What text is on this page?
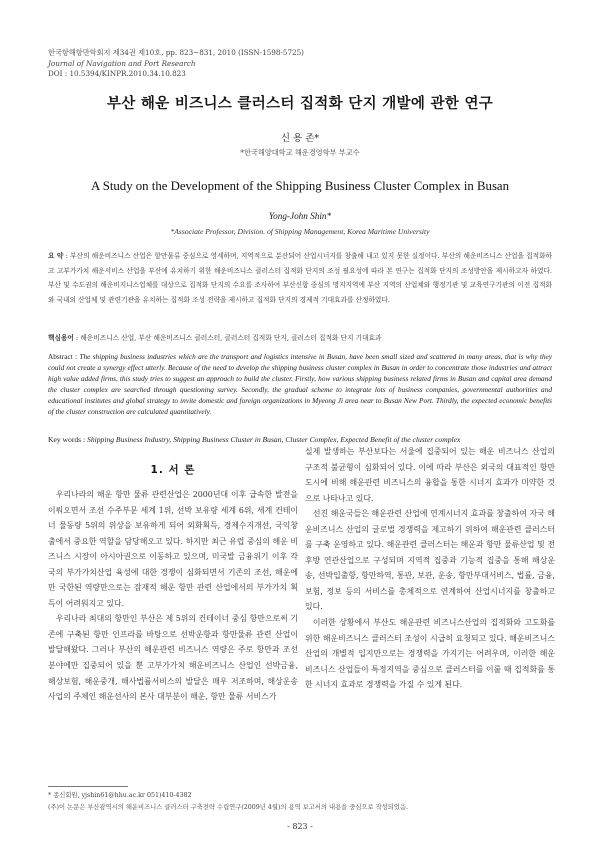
한국항해항만학회지 제34권 제10호, pp. 823~831, 2010 (ISSN-1598-5725)
Journal of Navigation and Port Research
DOI : 10.5394/KINPR.2010.34.10.823
부산 해운 비즈니스 클러스터 집적화 단지 개발에 관한 연구
신 용 존*
*한국해양대학교 해운경영학부 부교수
A Study on the Development of the Shipping Business Cluster Complex in Busan
Yong-John Shin*
*Associate Professor, Division. of Shipping Management, Korea Maritime University
요 약 : 부산의 해운비즈니스 산업은 항만물류 중심으로 영세하며, 지역적으로 분산되어 산업시너지를 창출해 내고 있지 못한 실정이다. 부산의 해운비즈니스 산업을 집적화하고 고부가가치 해운서비스 산업을 부산에 유치하기 위한 해운비즈니스 클러스터 집적화 단지의 조성 필요성에 따라 본 연구는 집적화 단지의 조성방안을 제시하고자 하였다. 부산 및 수도권의 해운비지니스업체를 대상으로 집적화 단지의 수요를 조사하여 부산신항 중심의 명지지역에 부산 지역의 산업체와 행정기관 및 교육연구기관의 이전 집적화와 국내외 산업체 및 관련기관을 유치하는 집적화 조성 전략을 제시하고 집적화 단지의 경제적 기대효과를 산정하였다.
핵심용어 : 해운비즈니스 산업, 부산 해운비즈니스 클러스터, 클러스터 집적화 단지, 클러스터 집적화 단지 기대효과
Abstract : The shipping business industries which are the transport and logistics intensive in Busan, have been small sized and scattered in many areas, that is why they could not create a synergy effect utterly. Because of the need to develop the shipping business cluster complex in Busan in order to concentrate those industries and attract high value added firms, this study tries to suggest an approach to build the cluster. Firstly, how various shipping business related firms in Busan and capital area demand the cluster complex are searched through questioning survey. Secondly, the gradual scheme to integrate lots of business companies, governmental authorities and educational institutes and global strategy to invite domestic and foreign organizations in Myeong Ji area near to Busan New Port. Thirdly, the expected economic benefits of the cluster construction are calculated quantitatively.
Key words : Shipping Business Industry, Shipping Business Cluster in Busan, Cluster Complex, Expected Benefit of the cluster complex
1. 서 론

우리나라의 해운 항만 물류 관련산업은 2000년대 이후 급속한 발전을 이뤄오면서 조선 수주부문 세계 1위, 선박 보유량 세계 6위, 세계 컨테이너 물동량 5위의 위상을 보유하게 되어 외화획득, 경제수지개선, 국익창출에서 중요한 역할을 담당해오고 있다. 하지만 최근 유럽 중심의 해운 비즈니스 시장이 아시아권으로 이동하고 있으며, 미국발 금융위기 이후 각국의 부가가치산업 육성에 대한 경쟁이 심화되면서 기존의 조선, 해운에만 국한된 역량만으로는 잠재적 해운 항만 관련 산업에서의 부가가치 획득이 어려워지고 있다.

우리나라 최대의 항만인 부산은 제 5위의 컨테이너 중심 항만으로써 기존에 구축된 항만 인프라를 바탕으로 선박운항과 항만물류 관련 산업이 발달해왔다. 그러나 부산의 해운관련 비즈니스 역량은 주로 항만과 조선분야에만 집중되어 있을 뿐 고부가가치 해운비즈니스 산업인 선박금융, 해상보험, 해운중개, 해사법률서비스의 발달은 매우 저조하며, 해상운송사업의 주체인 해운선사의 본사 대부분이 해운, 항만 물류 서비스가

실제 발생하는 부산보다는 서울에 집중되어 있는 해운 비즈니스 산업의 구조적 불균형이 심화되어 있다. 이에 따라 부산은 외국의 대표적인 항만도시에 비해 해운관련 비즈니스의 융합을 통한 시너지 효과가 미약한 것으로 나타나고 있다.

선진 해운국들은 해운관련 산업에 연계시너지 효과를 창출하여 자국 해운비즈니스 산업의 글로벌 경쟁력을 제고하기 위하여 해운관련 클러스터를 구축 운영하고 있다. 해운관련 클러스터는 해운과 항만 물류산업 및 전후방 연관산업으로 구성되며 지역적 집중과 기능적 집중을 통해 해상운송, 선박입출항, 항만하역, 통관, 보관, 운송, 항만부대서비스, 법률, 금융, 보험, 정보 등의 서비스를 총체적으로 연계하여 산업시너지를 창출하고 있다.

이러한 상황에서 부산도 해운관련 비즈니스산업의 집적화와 고도화를 위한 해운비즈니스 클러스터 조성이 시급히 요청되고 있다. 해운비즈니스 산업의 개별적 입지만으로는 경쟁력을 가지기는 어려우며, 이러한 해운 비즈니스 산업들이 특정지역을 중심으로 클러스터를 이룰 때 집적화를 통한 시너지 효과로 경쟁력을 가질 수 있게 된다.

* 종신회원, yjshin61@hhu.ac.kr 051)410-4382
(주)이 논문은 부산광역시의 해운비즈니스 클러스터 구축전략 수립연구(2009년 4월)의 용역 보고서의 내용을 중심으로 작성되었음.
- 823 -
